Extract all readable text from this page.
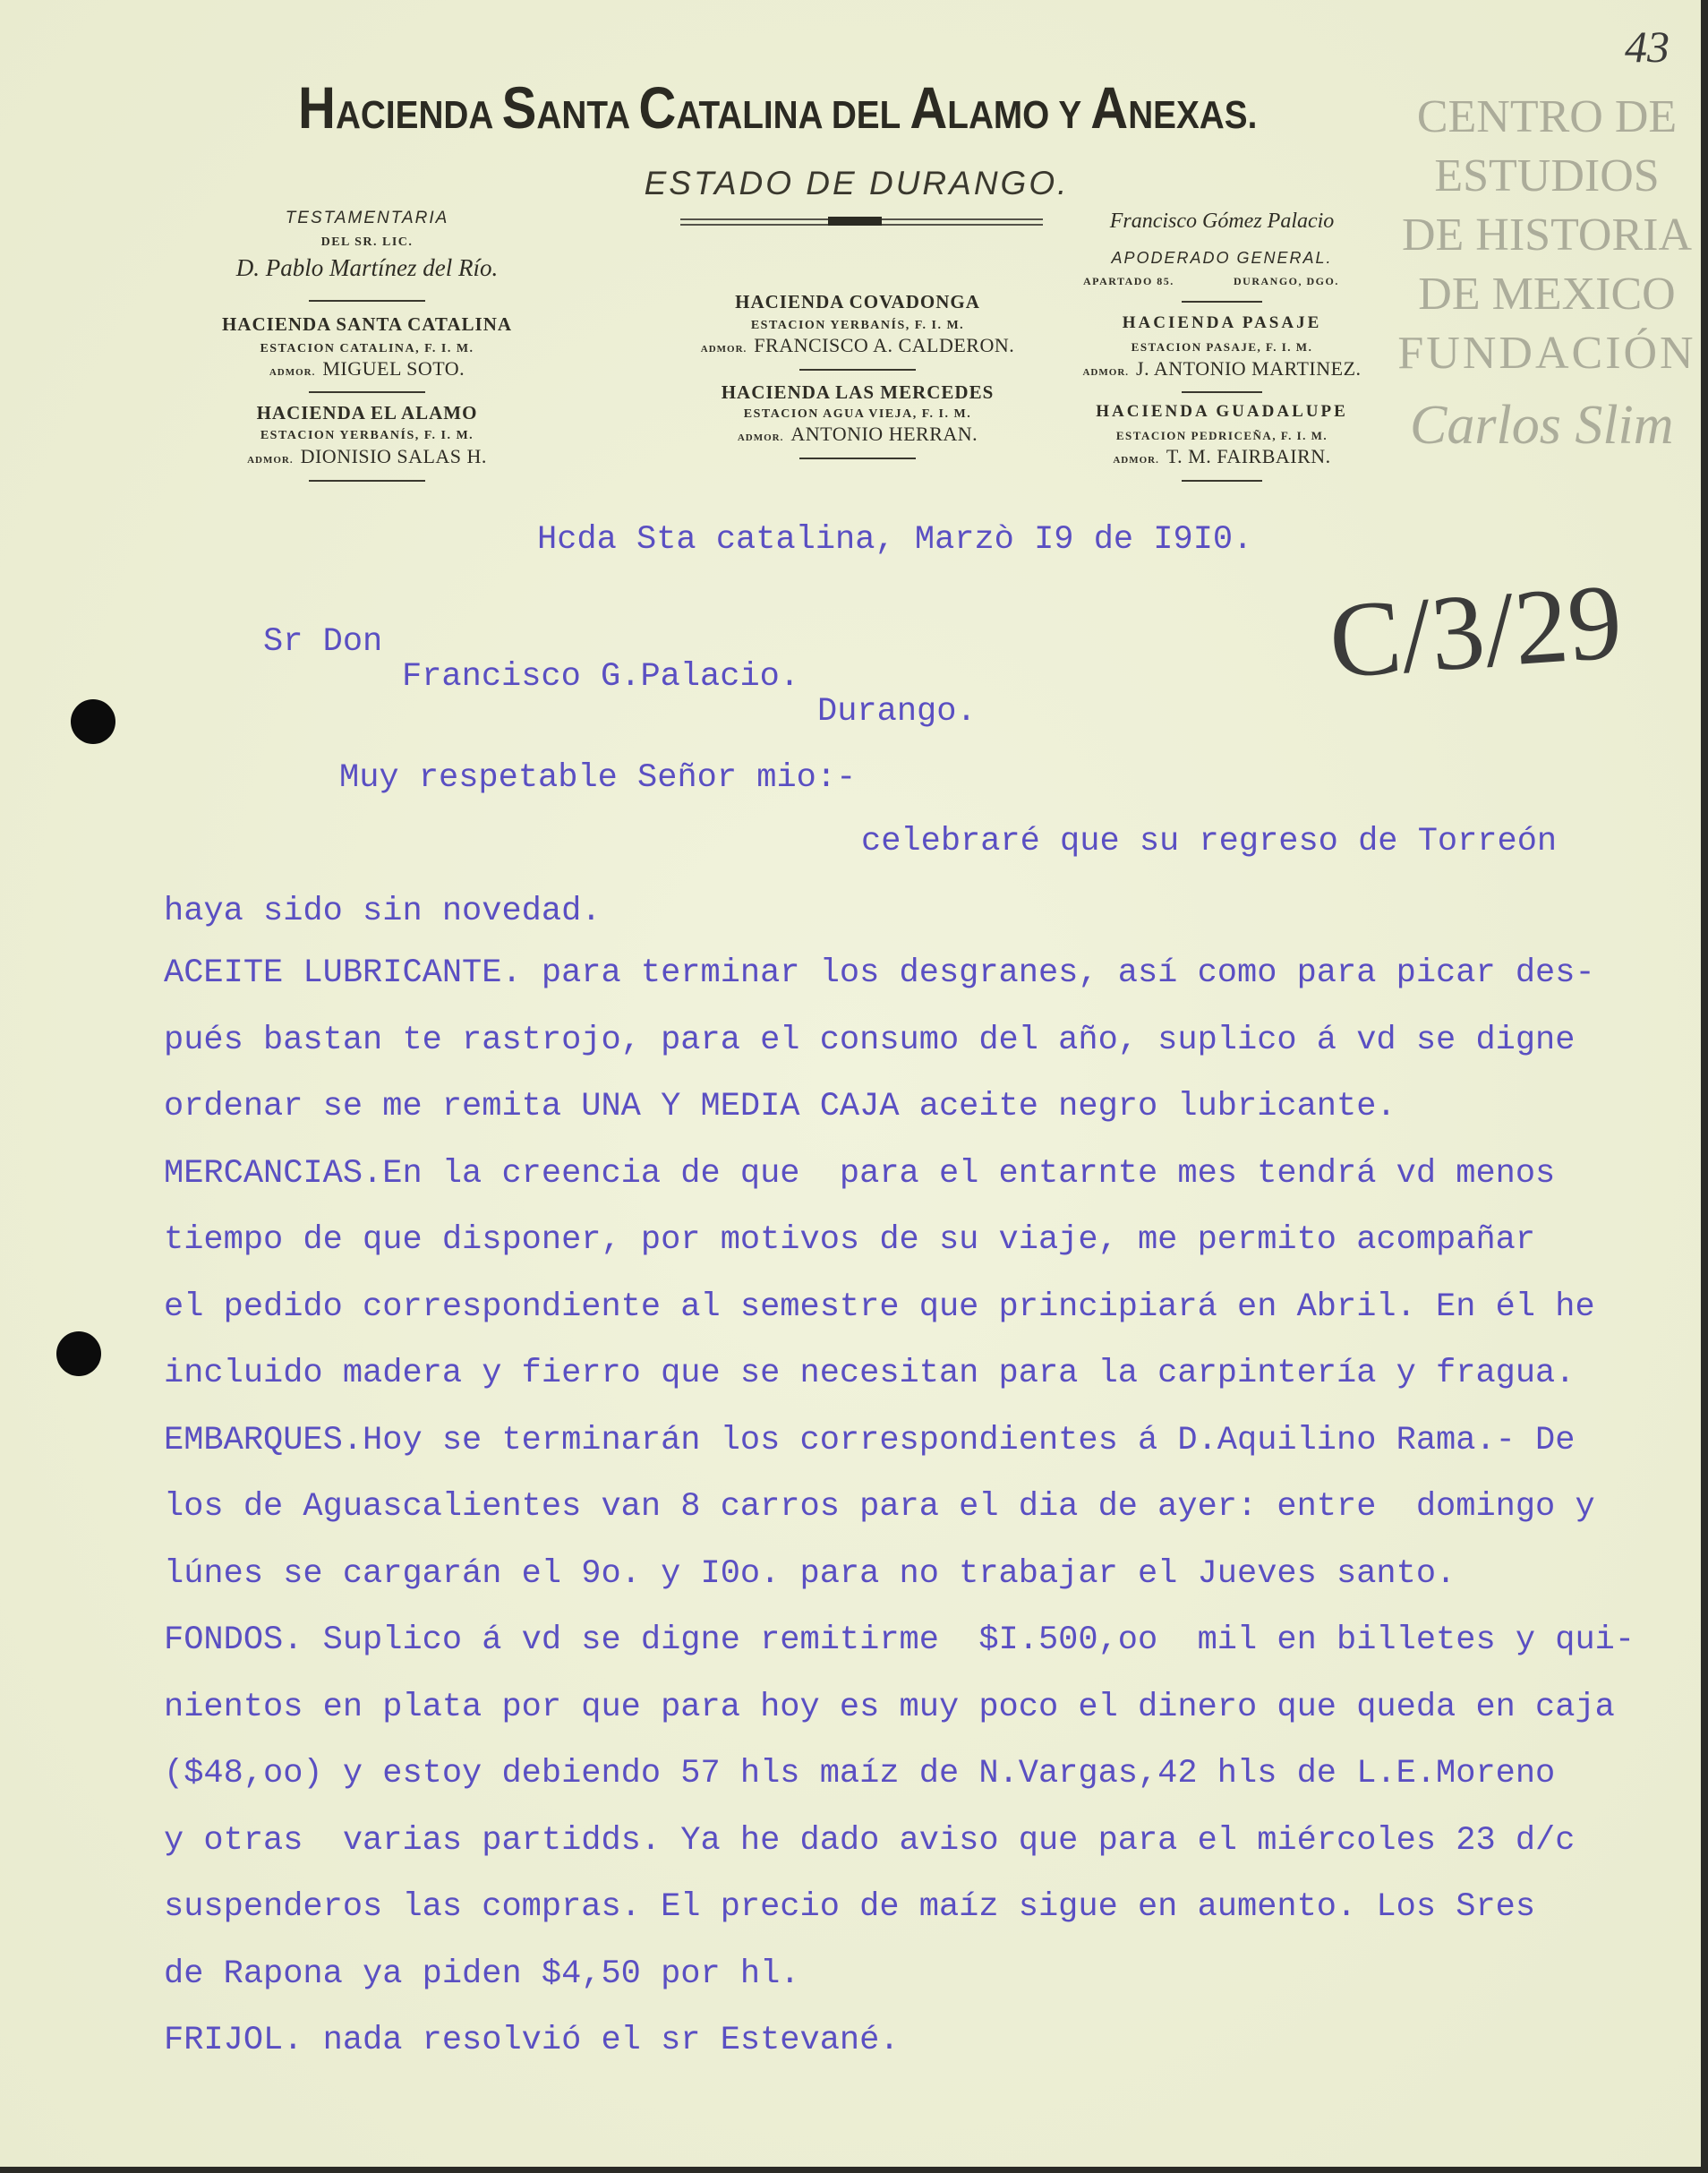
HACIENDA SANTA CATALINA DEL ALAMO Y ANEXAS.
ESTADO DE DURANGO.
TESTAMENTARIA
DEL SR. LIC.
D. Pablo Martínez del Río.
HACIENDA SANTA CATALINA
ESTACION CATALINA, F. I. M.
ADMOR. MIGUEL SOTO.
HACIENDA EL ALAMO
ESTACION YERBANÍS, F. I. M.
ADMOR. DIONISIO SALAS H.
HACIENDA COVADONGA
ESTACION YERBANÍS, F. I. M.
ADMOR. FRANCISCO A. CALDERON.
HACIENDA LAS MERCEDES
ESTACION AGUA VIEJA, F. I. M.
ADMOR. ANTONIO HERRAN.
Francisco Gómez Palacio
APODERADO GENERAL.
APARTADO 85.	DURANGO, DGO.
HACIENDA PASAJE
ESTACION PASAJE, F. I. M.
ADMOR. J. ANTONIO MARTINEZ.
HACIENDA GUADALUPE
ESTACION PEDRICEÑA, F. I. M.
ADMOR. T. M. FAIRBAIRN.
CENTRO DE
ESTUDIOS
DE HISTORIA
DE MEXICO
FUNDACIÓN
Carlos Slim
43
C/3/29
Hcda Sta catalina, Marzò I9 de I9I0.
Sr Don
Francisco G.Palacio.
Durango.
Muy respetable Señor mio:-
celebraré que su regreso de Torreón
haya sido sin novedad.
ACEITE LUBRICANTE. para terminar los desgranes, así como para picar des-
pués bastan te rastrojo, para el consumo del año, suplico á vd se digne
ordenar se me remita UNA Y MEDIA CAJA aceite negro lubricante.
MERCANCIAS.En la creencia de que  para el entarnte mes tendrá vd menos
tiempo de que disponer, por motivos de su viaje, me permito acompañar
el pedido correspondiente al semestre que principiará en Abril. En él he
incluido madera y fierro que se necesitan para la carpintería y fragua.
EMBARQUES.Hoy se terminarán los correspondientes á D.Aquilino Rama.- De
los de Aguascalientes van 8 carros para el dia de ayer: entre  domingo y
lúnes se cargarán el 9o. y I0o. para no trabajar el Jueves santo.
FONDOS. Suplico á vd se digne remitirme  $I.500,oo  mil en billetes y qui-
nientos en plata por que para hoy es muy poco el dinero que queda en caja
($48,oo) y estoy debiendo 57 hls maíz de N.Vargas,42 hls de L.E.Moreno
y otras  varias partidds. Ya he dado aviso que para el miércoles 23 d/c
suspenderos las compras. El precio de maíz sigue en aumento. Los Sres
de Rapona ya piden $4,50 por hl.
FRIJOL. nada resolvió el sr Estevané.
